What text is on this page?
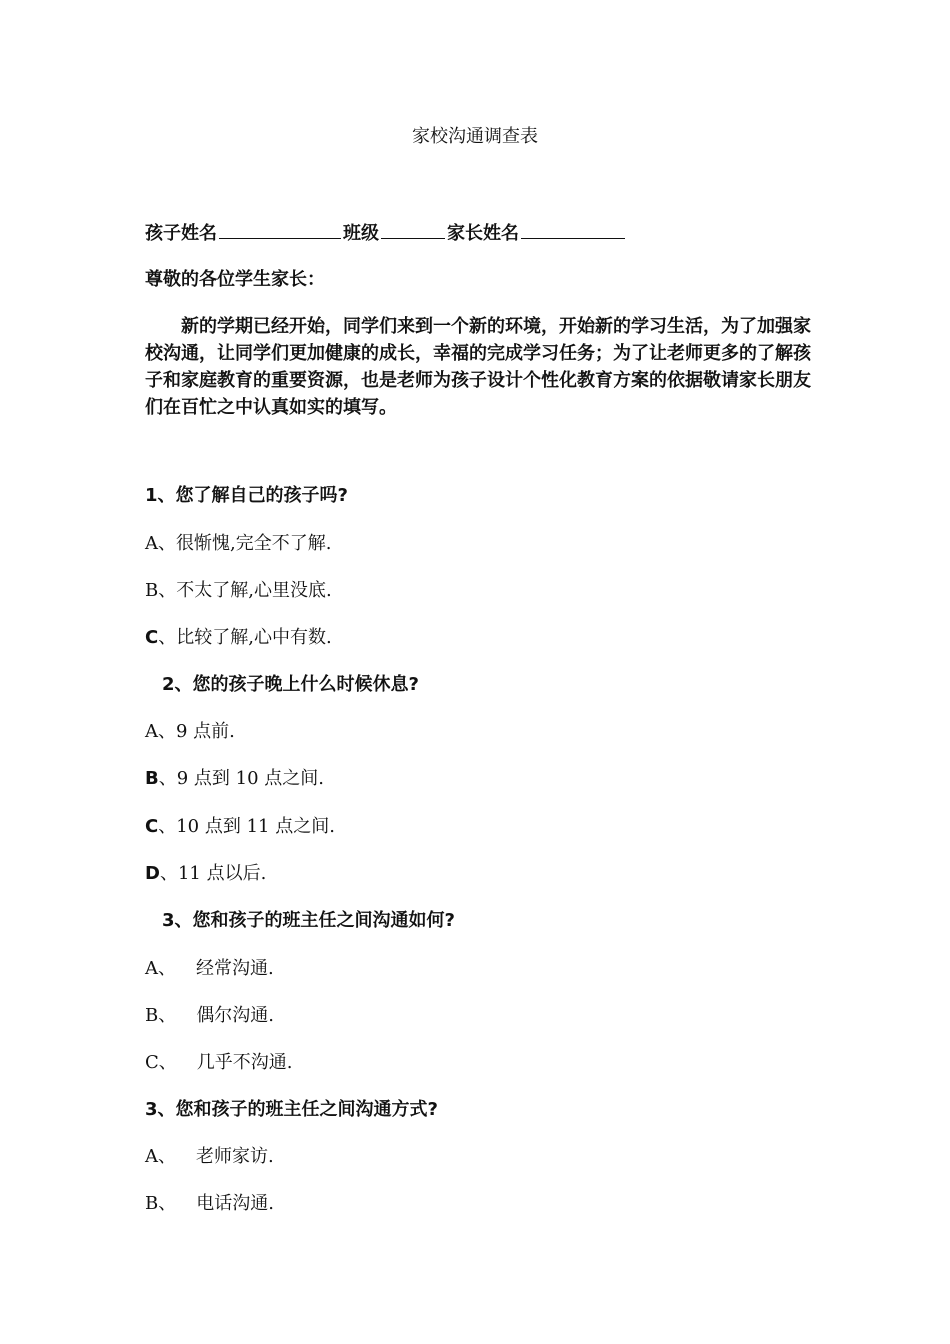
家校沟通调查表
孩子姓名	班级	家长姓名
尊敬的各位学生家长：
新的学期已经开始，同学们来到一个新的环境，开始新的学习生活，为了加强家校沟通，让同学们更加健康的成长，幸福的完成学习任务；为了让老师更多的了解孩子和家庭教育的重要资源，也是老师为孩子设计个性化教育方案的依据敬请家长朋友们在百忙之中认真如实的填写。
1、您了解自己的孩子吗?
A、很惭愧,完全不了解.
B、不太了解,心里没底.
C、比较了解,心中有数.
2、您的孩子晚上什么时候休息?
A、9 点前.
B、9 点到 10 点之间.
C、10 点到 11 点之间.
D、11 点以后.
3、您和孩子的班主任之间沟通如何?
A、 经常沟通.
B、 偶尔沟通.
C、 几乎不沟通.
3、您和孩子的班主任之间沟通方式?
A、 老师家访.
B、 电话沟通.
